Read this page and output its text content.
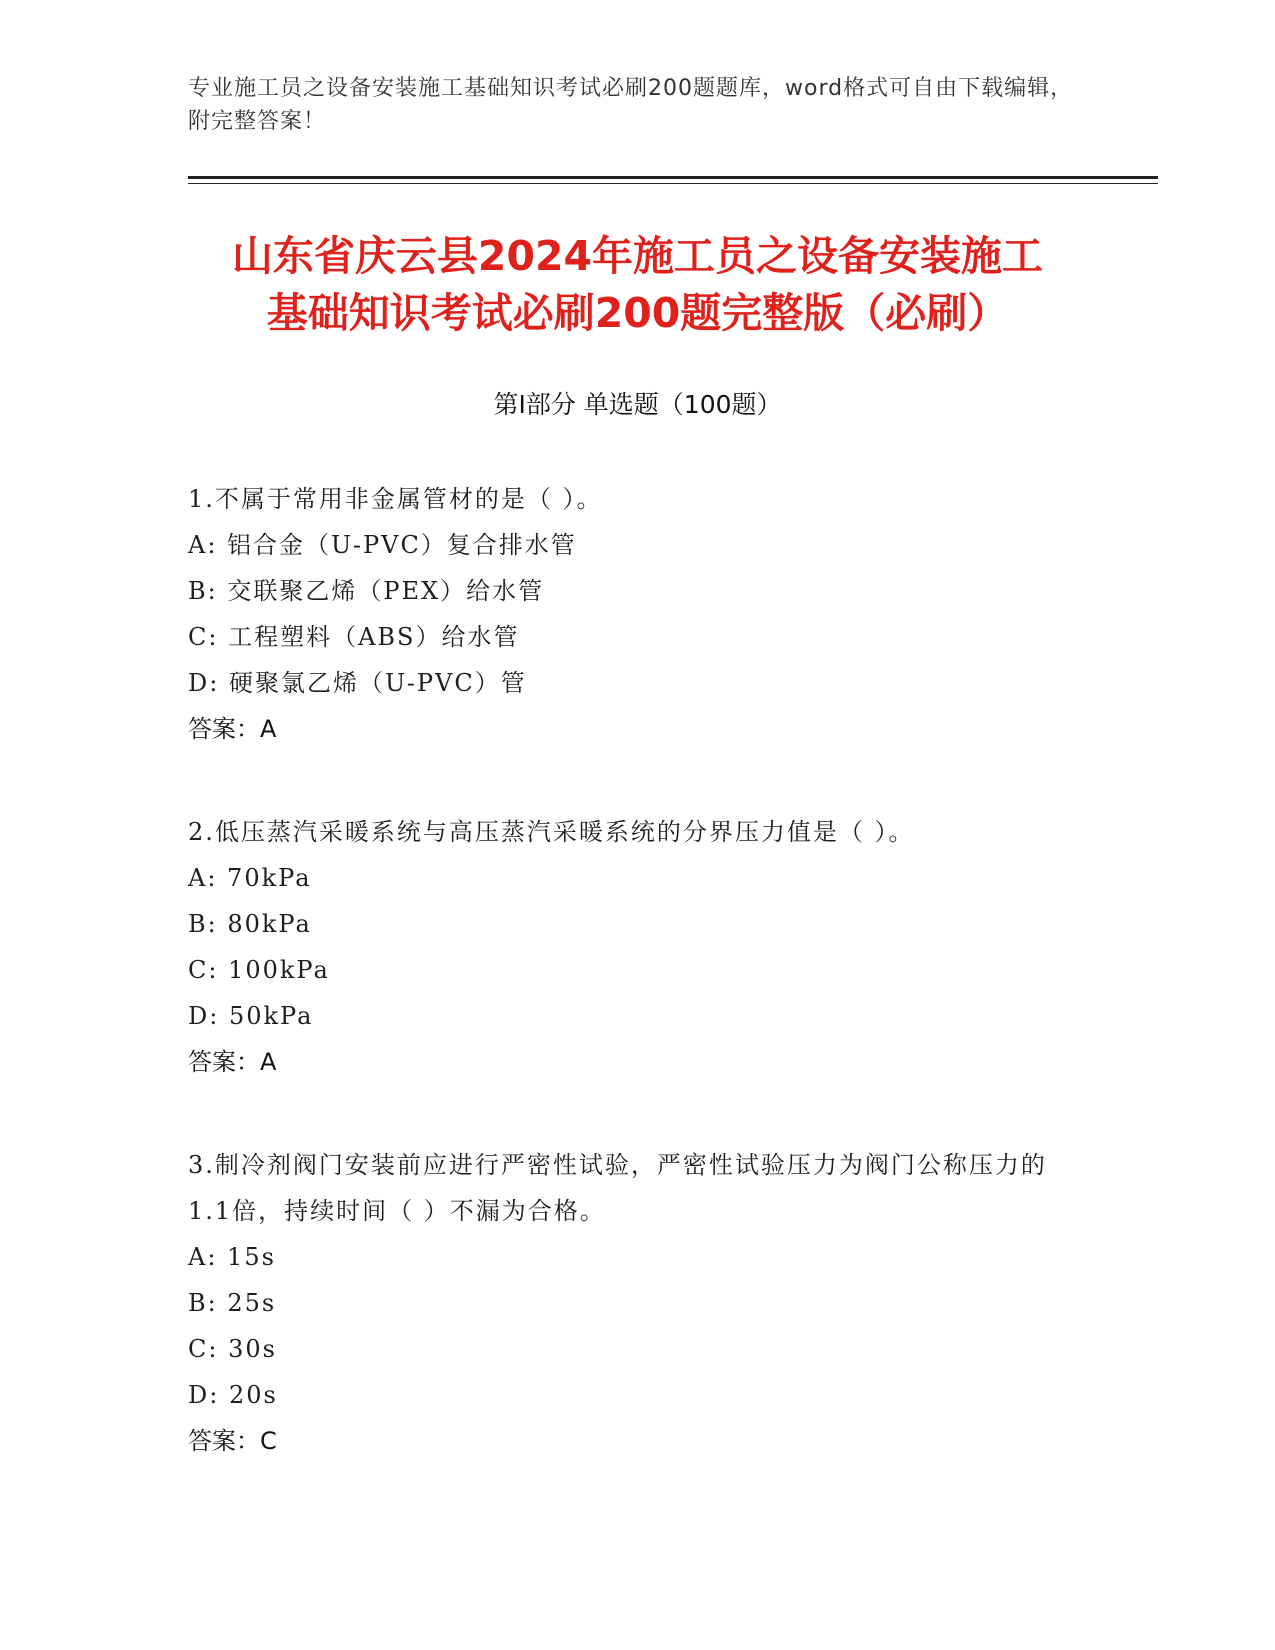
专业施工员之设备安装施工基础知识考试必刷200题题库，word格式可自由下载编辑，附完整答案！
山东省庆云县2024年施工员之设备安装施工
基础知识考试必刷200题完整版（必刷）
第Ⅰ部分 单选题（100题）
1.不属于常用非金属管材的是（ ）。
A: 铝合金（U-PVC）复合排水管
B: 交联聚乙烯（PEX）给水管
C: 工程塑料（ABS）给水管
D: 硬聚氯乙烯（U-PVC）管
答案：A
2.低压蒸汽采暖系统与高压蒸汽采暖系统的分界压力值是（ ）。
A: 70kPa
B: 80kPa
C: 100kPa
D: 50kPa
答案：A
3.制冷剂阀门安装前应进行严密性试验，严密性试验压力为阀门公称压力的1.1倍，持续时间（ ）不漏为合格。
A: 15s
B: 25s
C: 30s
D: 20s
答案：C
